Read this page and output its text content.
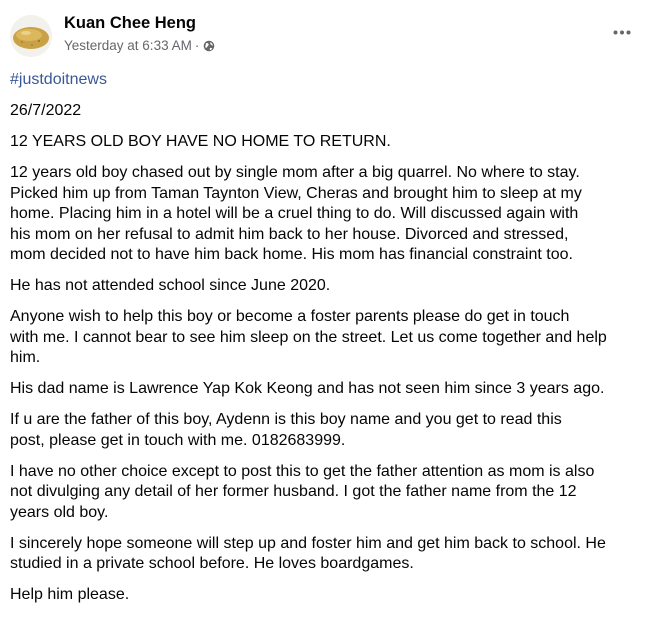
Kuan Chee Heng
Yesterday at 6:33 AM ·

#justdoitnews

26/7/2022

12 YEARS OLD BOY HAVE NO HOME TO RETURN.

12 years old boy chased out by single mom after a big quarrel. No where to stay.
Picked him up from Taman Taynton View, Cheras and brought him to sleep at my
home. Placing him in a hotel will be a cruel thing to do. Will discussed again with
his mom on her refusal to admit him back to her house. Divorced and stressed,
mom decided not to have him back home. His mom has financial constraint too.

He has not attended school since June 2020.

Anyone wish to help this boy or become a foster parents please do get in touch
with me. I cannot bear to see him sleep on the street. Let us come together and help
him.

His dad name is Lawrence Yap Kok Keong and has not seen him since 3 years ago.

If u are the father of this boy, Aydenn is this boy name and you get to read this
post, please get in touch with me. 0182683999.

I have no other choice except to post this to get the father attention as mom is also
not divulging any detail of her former husband. I got the father name from the 12
years old boy.

I sincerely hope someone will step up and foster him and get him back to school. He
studied in a private school before. He loves boardgames.

Help him please.
